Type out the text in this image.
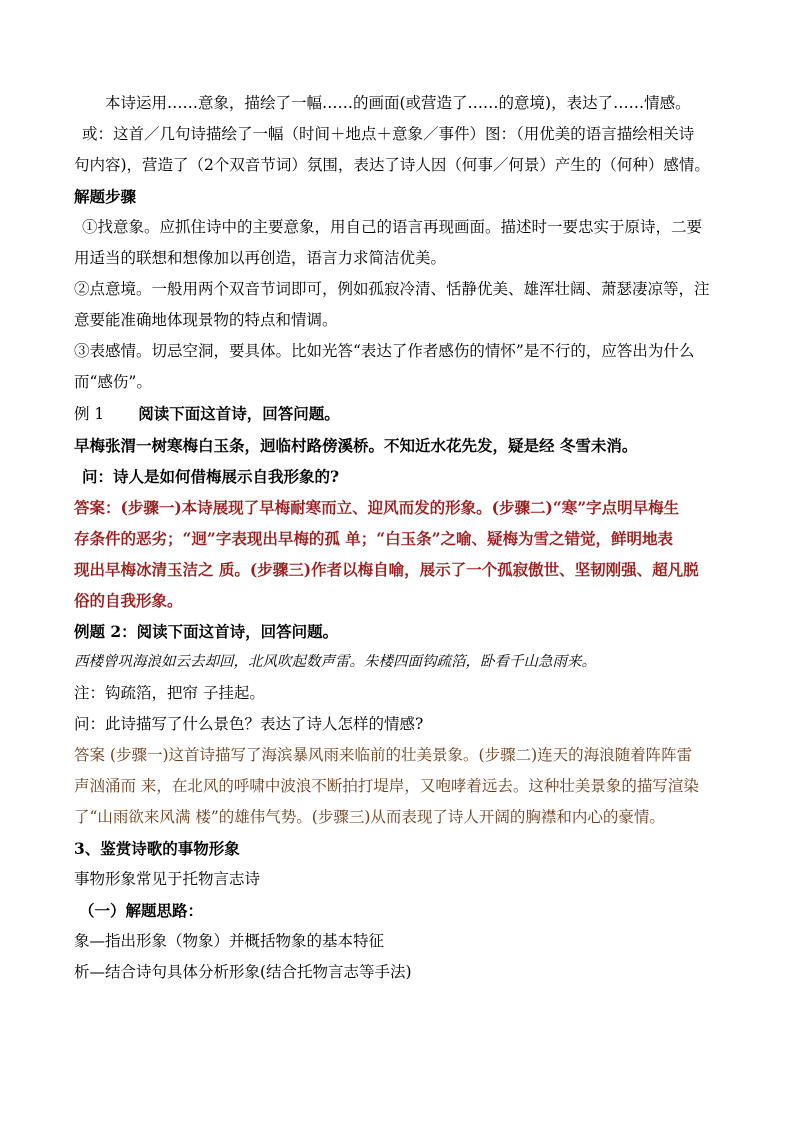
本诗运用……意象，描绘了一幅……的画面(或营造了……的意境)，表达了……情感。

或：这首／几句诗描绘了一幅（时间＋地点＋意象／事件）图：（用优美的语言描绘相关诗

句内容)，营造了（2个双音节词）氛围，表达了诗人因（何事／何景）产生的（何种）感情。

解题步骤

①找意象。应抓住诗中的主要意象，用自己的语言再现画面。描述时一要忠实于原诗，二要

用适当的联想和想像加以再创造，语言力求简洁优美。

②点意境。一般用两个双音节词即可，例如孤寂冷清、恬静优美、雄浑壮阔、萧瑟凄凉等，注

意要能准确地体现景物的特点和情调。

③表感情。切忌空洞，要具体。比如光答“表达了作者感伤的情怀”是不行的，应答出为什么

而“感伤”。

例 1 阅读下面这首诗，回答问题。

早梅张渭一树寒梅白玉条，迥临村路傍溪桥。不知近水花先发，疑是经 冬雪未消。

问：诗人是如何借梅展示自我形象的?

答案：(步骤一)本诗展现了早梅耐寒而立、迎风而发的形象。(步骤二)“寒”字点明早梅生

存条件的恶劣；“迥”字表现出早梅的孤 单；“白玉条”之喻、疑梅为雪之错觉，鲜明地表

现出早梅冰清玉洁之 质。(步骤三)作者以梅自喻，展示了一个孤寂傲世、坚韧刚强、超凡脱

俗的自我形象。

例题 2：阅读下面这首诗，回答问题。

西楼曾巩海浪如云去却回，北风吹起数声雷。朱楼四面钩疏箔，卧看千山急雨来。

注：钩疏箔，把帘 子挂起。

问：此诗描写了什么景色？表达了诗人怎样的情感?

答案 (步骤一)这首诗描写了海滨暴风雨来临前的壮美景象。(步骤二)连天的海浪随着阵阵雷

声汹涌而 来，在北风的呼啸中波浪不断拍打堤岸，又咆哮着远去。这种壮美景象的描写渲染

了“山雨欲来风满 楼”的雄伟气势。(步骤三)从而表现了诗人开阔的胸襟和内心的豪情。

3、鉴赏诗歌的事物形象

事物形象常见于托物言志诗

（一）解题思路：

象—指出形象（物象）并概括物象的基本特征

析—结合诗句具体分析形象(结合托物言志等手法)
